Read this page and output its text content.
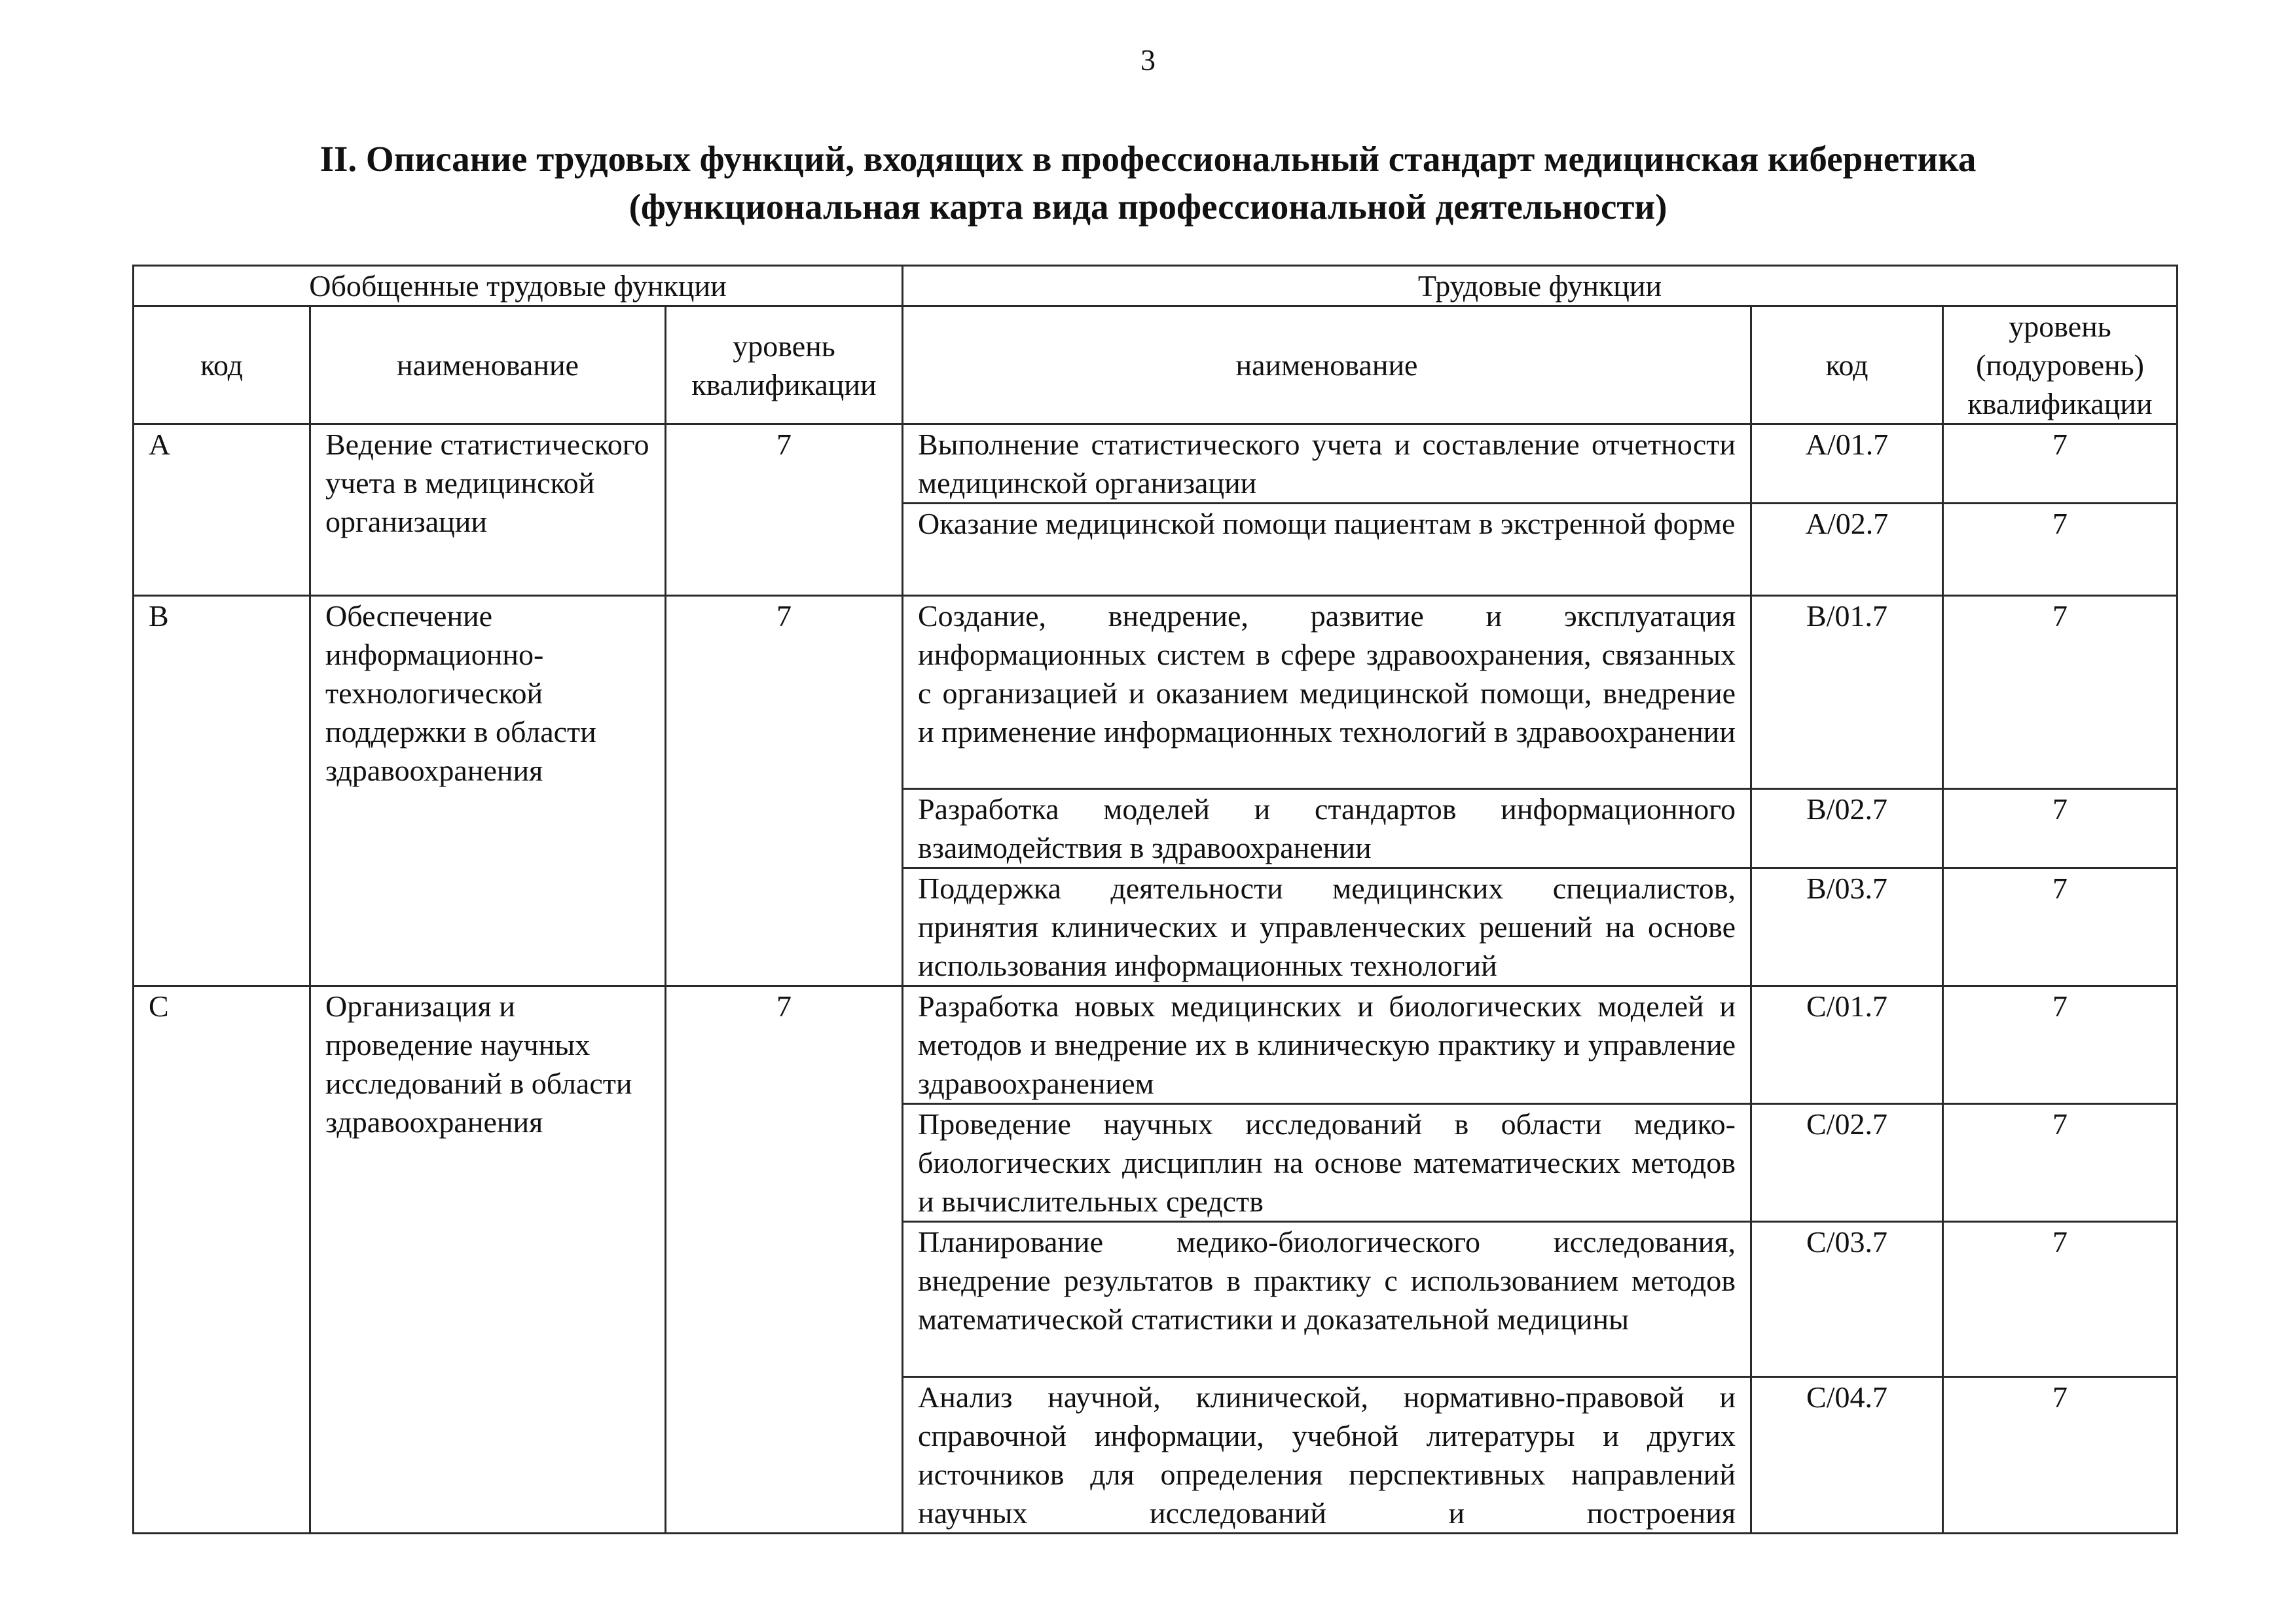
3
II. Описание трудовых функций, входящих в профессиональный стандарт медицинская кибернетика
(функциональная карта вида профессиональной деятельности)
Обобщенные трудовые функции			Трудовые функции		
код	наименование	уровень квалификации	наименование	код	уровень (подуровень) квалификации
A	Ведение статистического учета в медицинской организации	7	Выполнение статистического учета и составление отчетности медицинской организации	A/01.7	7
			Оказание медицинской помощи пациентам в экстренной форме	A/02.7	7
B	Обеспечение информационно-технологической поддержки в области здравоохранения	7	Создание, внедрение, развитие и эксплуатация информационных систем в сфере здравоохранения, связанных с организацией и оказанием медицинской помощи, внедрение и применение информационных технологий в здравоохранении	B/01.7	7
			Разработка моделей и стандартов информационного взаимодействия в здравоохранении	B/02.7	7
			Поддержка деятельности медицинских специалистов, принятия клинических и управленческих решений на основе использования информационных технологий	B/03.7	7
C	Организация и проведение научных исследований в области здравоохранения	7	Разработка новых медицинских и биологических моделей и методов и внедрение их в клиническую практику и управление здравоохранением	C/01.7	7
			Проведение научных исследований в области медико-биологических дисциплин на основе математических методов и вычислительных средств	C/02.7	7
			Планирование медико-биологического исследования, внедрение результатов в практику с использованием методов математической статистики и доказательной медицины	C/03.7	7
			Анализ научной, клинической, нормативно-правовой и справочной информации, учебной литературы и других источников для определения перспективных направлений научных исследований и построения	C/04.7	7
